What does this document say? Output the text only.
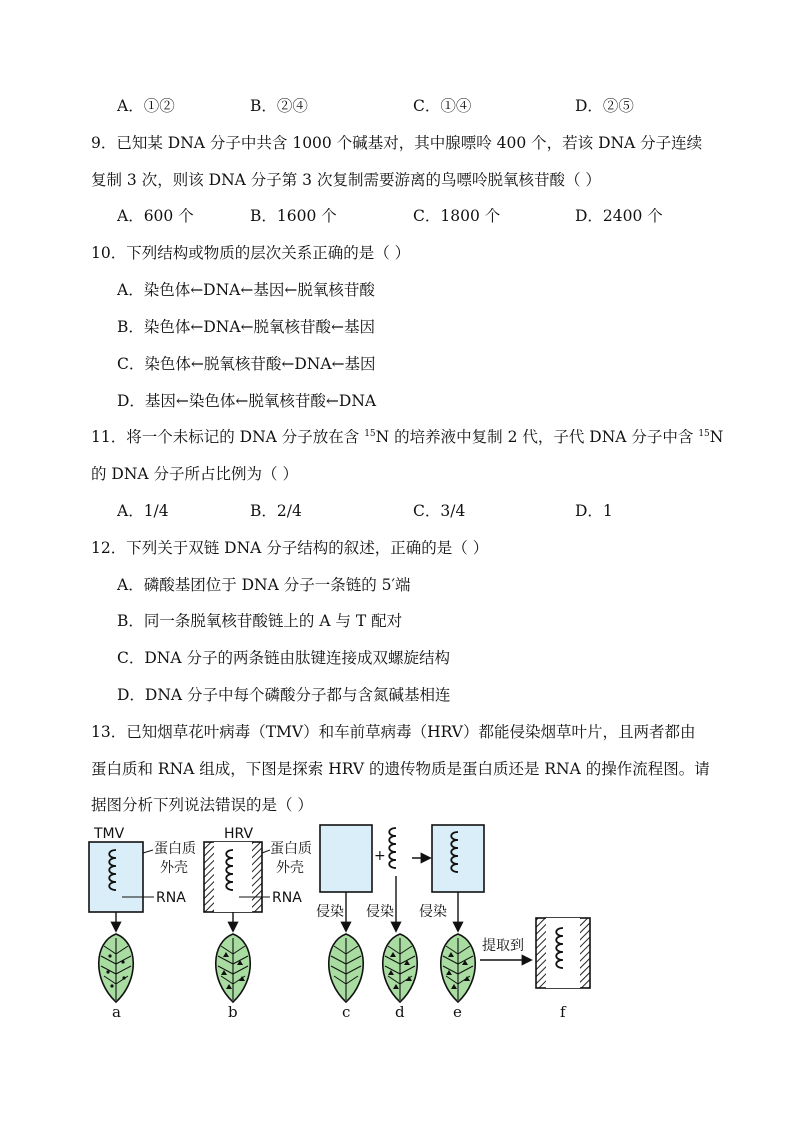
A．①②	B．②④	C．①④	D．②⑤
9．已知某 DNA 分子中共含 1000 个碱基对，其中腺嘌呤 400 个，若该 DNA 分子连续
复制 3 次，则该 DNA 分子第 3 次复制需要游离的鸟嘌呤脱氧核苷酸（ ）
A．600 个	B．1600 个	C．1800 个	D．2400 个
10．下列结构或物质的层次关系正确的是（ ）
A．染色体←DNA←基因←脱氧核苷酸
B．染色体←DNA←脱氧核苷酸←基因
C．染色体←脱氧核苷酸←DNA←基因
D．基因←染色体←脱氧核苷酸←DNA
11．将一个未标记的 DNA 分子放在含 $^{15}$N 的培养液中复制 2 代，子代 DNA 分子中含 $^{15}$N
的 DNA 分子所占比例为（ ）
A．1/4	B．2/4	C．3/4	D．1
12．下列关于双链 DNA 分子结构的叙述，正确的是（ ）
A．磷酸基团位于 DNA 分子一条链的 5′端
B．同一条脱氧核苷酸链上的 A 与 T 配对
C．DNA 分子的两条链由肽键连接成双螺旋结构
D．DNA 分子中每个磷酸分子都与含氮碱基相连
13．已知烟草花叶病毒（TMV）和车前草病毒（HRV）都能侵染烟草叶片，且两者都由
蛋白质和 RNA 组成，下图是探索 HRV 的遗传物质是蛋白质还是 RNA 的操作流程图。请
据图分析下列说法错误的是（ ）
TMV
蛋白质
外壳
RNA
HRV
蛋白质
外壳
RNA
侵染
+
侵染 侵染
提取到
a	b	c	d	e	f
